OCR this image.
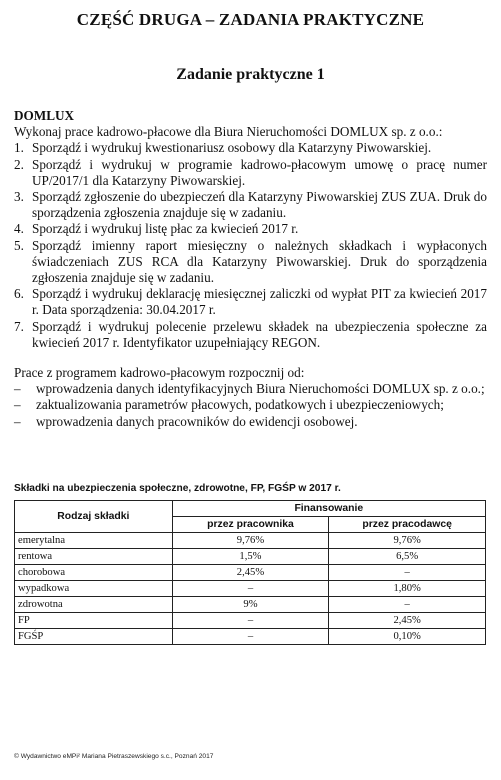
CZĘŚĆ DRUGA – ZADANIA PRAKTYCZNE
Zadanie praktyczne 1
DOMLUX
Wykonaj prace kadrowo-płacowe dla Biura Nieruchomości DOMLUX sp. z o.o.:
1. Sporządź i wydrukuj kwestionariusz osobowy dla Katarzyny Piwowarskiej.
2. Sporządź i wydrukuj w programie kadrowo-płacowym umowę o pracę numer UP/2017/1 dla Katarzyny Piwowarskiej.
3. Sporządź zgłoszenie do ubezpieczeń dla Katarzyny Piwowarskiej ZUS ZUA. Druk do sporządzenia zgłoszenia znajduje się w zadaniu.
4. Sporządź i wydrukuj listę płac za kwiecień 2017 r.
5. Sporządź imienny raport miesięczny o należnych składkach i wypłaconych świadczeniach ZUS RCA dla Katarzyny Piwowarskiej. Druk do sporządzenia zgłoszenia znajduje się w zadaniu.
6. Sporządź i wydrukuj deklarację miesięcznej zaliczki od wypłat PIT za kwiecień 2017 r. Data sporządzenia: 30.04.2017 r.
7. Sporządź i wydrukuj polecenie przelewu składek na ubezpieczenia społeczne za kwiecień 2017 r. Identyfikator uzupełniający REGON.
Prace z programem kadrowo-płacowym rozpocznij od:
– wprowadzenia danych identyfikacyjnych Biura Nieruchomości DOMLUX sp. z o.o.;
– zaktualizowania parametrów płacowych, podatkowych i ubezpieczeniowych;
– wprowadzenia danych pracowników do ewidencji osobowej.
Składki na ubezpieczenia społeczne, zdrowotne, FP, FGŚP w 2017 r.
Rodzaj składki	Finansowanie	
	przez pracownika	przez pracodawcę
emerytalna	9,76%	9,76%
rentowa	1,5%	6,5%
chorobowa	2,45%	–
wypadkowa	–	1,80%
zdrowotna	9%	–
FP	–	2,45%
FGŚP	–	0,10%
© Wydawnictwo eMPi² Mariana Pietraszewskiego s.c., Poznań 2017
